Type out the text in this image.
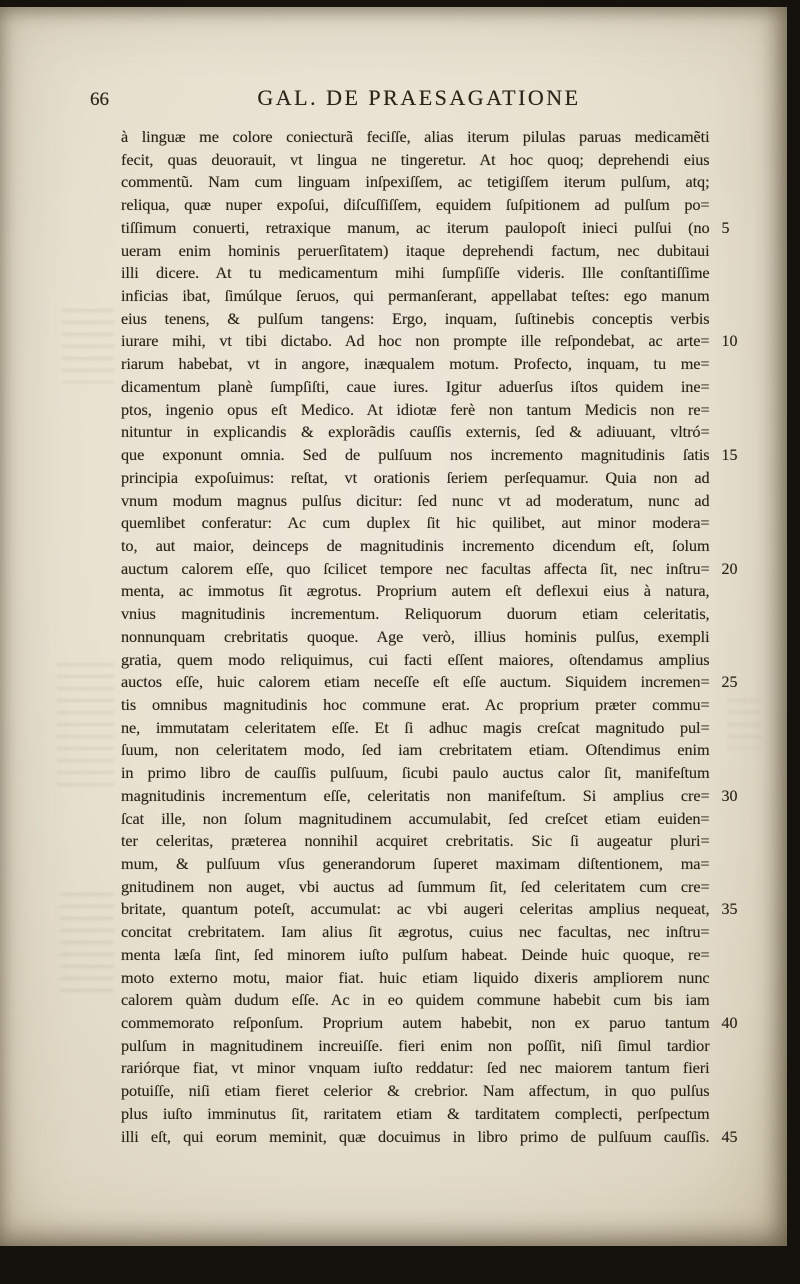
66	GAL. DE PRAESAGATIONE
à linguæ me colore coniecturã feciſſe, alias iterum pilulas paruas medicamẽti
fecit, quas deuorauit, vt lingua ne tingeretur. At hoc quoq; deprehendi eius
commentũ. Nam cum linguam inſpexiſſem, ac tetigiſſem iterum pulſum, atq;
reliqua, quæ nuper expoſui, diſcuſſiſſem, equidem ſuſpitionem ad pulſum po=
tiſſimum conuerti, retraxique manum, ac iterum paulopoſt inieci pulſui (no 5
ueram enim hominis peruerſitatem) itaque deprehendi factum, nec dubitaui
illi dicere. At tu medicamentum mihi ſumpſiſſe videris. Ille conſtantiſſime
inficias ibat, ſimúlque ſeruos, qui permanſerant, appellabat teſtes: ego manum
eius tenens, & pulſum tangens: Ergo, inquam, ſuſtinebis conceptis verbis
iurare mihi, vt tibi dictabo. Ad hoc non prompte ille reſpondebat, ac arte= 10
riarum habebat, vt in angore, inæqualem motum. Profecto, inquam, tu me=
dicamentum planè ſumpſiſti, caue iures. Igitur aduerſus iſtos quidem ine=
ptos, ingenio opus eſt Medico. At idiotæ ferè non tantum Medicis non re=
nituntur in explicandis & explorãdis cauſſis externis, ſed & adiuuant, vltró=
que exponunt omnia. Sed de pulſuum nos incremento magnitudinis ſatis 15
principia expoſuimus: reſtat, vt orationis ſeriem perſequamur. Quia non ad
vnum modum magnus pulſus dicitur: ſed nunc vt ad moderatum, nunc ad
quemlibet conferatur: Ac cum duplex ſit hic quilibet, aut minor modera=
to, aut maior, deinceps de magnitudinis incremento dicendum eſt, ſolum
auctum calorem eſſe, quo ſcilicet tempore nec facultas affecta ſit, nec inſtru= 20
menta, ac immotus ſit ægrotus. Proprium autem eſt deflexui eius à natura,
vnius magnitudinis incrementum. Reliquorum duorum etiam celeritatis,
nonnunquam crebritatis quoque. Age verò, illius hominis pulſus, exempli
gratia, quem modo reliquimus, cui facti eſſent maiores, oſtendamus amplius
auctos eſſe, huic calorem etiam neceſſe eſt eſſe auctum. Siquidem incremen= 25
tis omnibus magnitudinis hoc commune erat. Ac proprium præter commu=
ne, immutatam celeritatem eſſe. Et ſi adhuc magis creſcat magnitudo pul=
ſuum, non celeritatem modo, ſed iam crebritatem etiam. Oſtendimus enim
in primo libro de cauſſis pulſuum, ſicubi paulo auctus calor ſit, manifeſtum
magnitudinis incrementum eſſe, celeritatis non manifeſtum. Si amplius cre= 30
ſcat ille, non ſolum magnitudinem accumulabit, ſed creſcet etiam euiden=
ter celeritas, præterea nonnihil acquiret crebritatis. Sic ſi augeatur pluri=
mum, & pulſuum vſus generandorum ſuperet maximam diſtentionem, ma=
gnitudinem non auget, vbi auctus ad ſummum ſit, ſed celeritatem cum cre=
britate, quantum poteſt, accumulat: ac vbi augeri celeritas amplius nequeat, 35
concitat crebritatem. Iam alius ſit ægrotus, cuius nec facultas, nec inſtru=
menta læſa ſint, ſed minorem iuſto pulſum habeat. Deinde huic quoque, re=
moto externo motu, maior fiat. huic etiam liquido dixeris ampliorem nunc
calorem quàm dudum eſſe. Ac in eo quidem commune habebit cum bis iam
commemorato reſponſum. Proprium autem habebit, non ex paruo tantum 40
pulſum in magnitudinem increuiſſe. fieri enim non poſſit, niſi ſimul tardior
rariórque fiat, vt minor vnquam iuſto reddatur: ſed nec maiorem tantum fieri
potuiſſe, niſi etiam fieret celerior & crebrior. Nam affectum, in quo pulſus
plus iuſto imminutus ſit, raritatem etiam & tarditatem complecti, perſpectum
illi eſt, qui eorum meminit, quæ docuimus in libro primo de pulſuum cauſſis. 45
